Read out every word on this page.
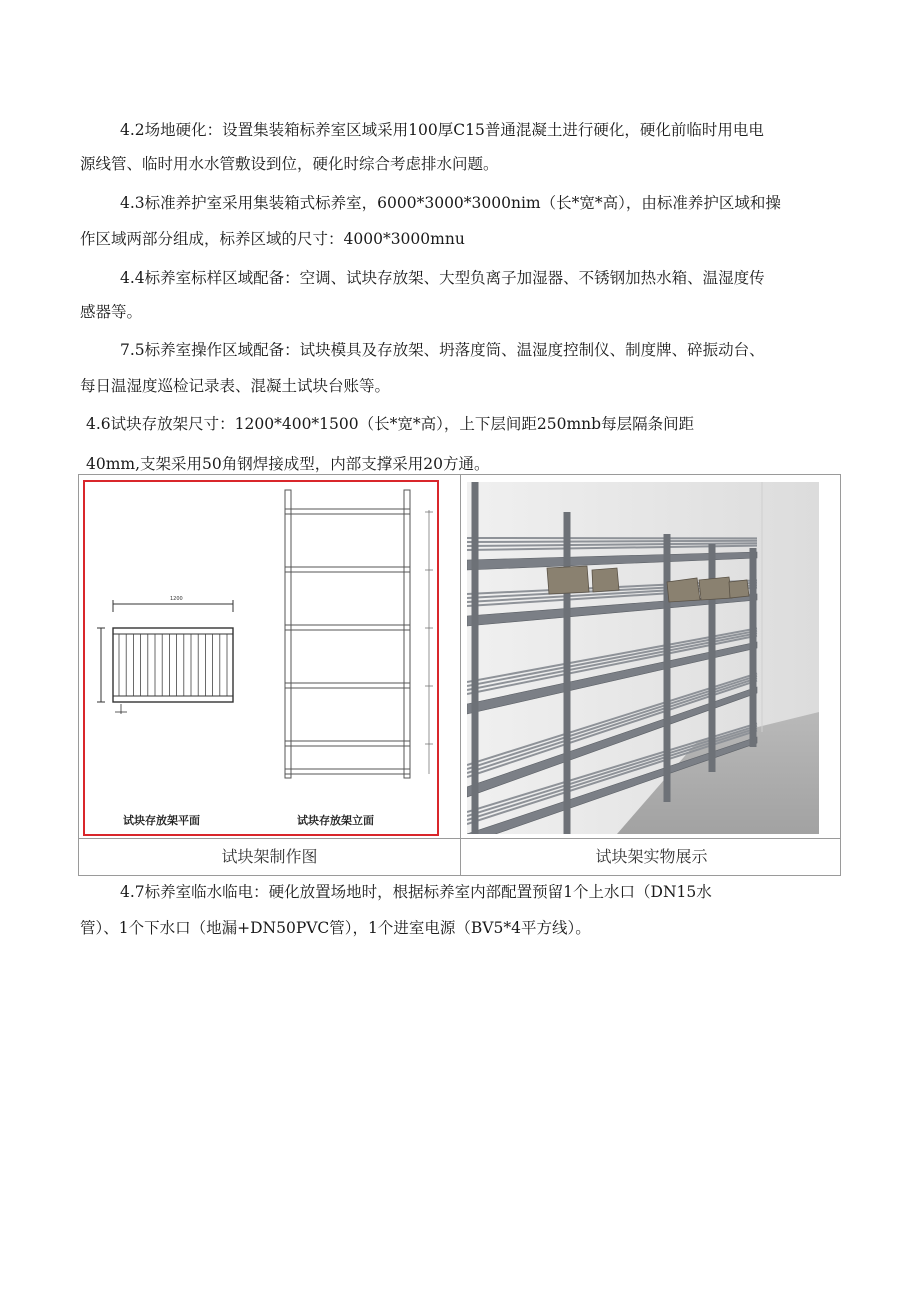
4.2场地硬化：设置集装箱标养室区域采用100厚C15普通混凝土进行硬化，硬化前临时用电电
源线管、临时用水水管敷设到位，硬化时综合考虑排水问题。
4.3标准养护室采用集装箱式标养室，6000*3000*3000nim（长*宽*高），由标准养护区域和操
作区域两部分组成，标养区域的尺寸：4000*3000mnu
4.4标养室标样区域配备：空调、试块存放架、大型负离子加湿器、不锈钢加热水箱、温湿度传
感器等。
7.5标养室操作区域配备：试块模具及存放架、坍落度筒、温湿度控制仪、制度牌、碎振动台、
每日温湿度巡检记录表、混凝土试块台账等。
4.6试块存放架尺寸：1200*400*1500（长*宽*高），上下层间距250mnb每层隔条间距
40mm,支架采用50角钢焊接成型，内部支撑采用20方通。
1200
试块存放架平面	试块存放架立面
试块架制作图	试块架实物展示
4.7标养室临水临电：硬化放置场地时，根据标养室内部配置预留1个上水口（DN15水
管）、1个下水口（地漏+DN50PVC管），1个进室电源（BV5*4平方线）。
